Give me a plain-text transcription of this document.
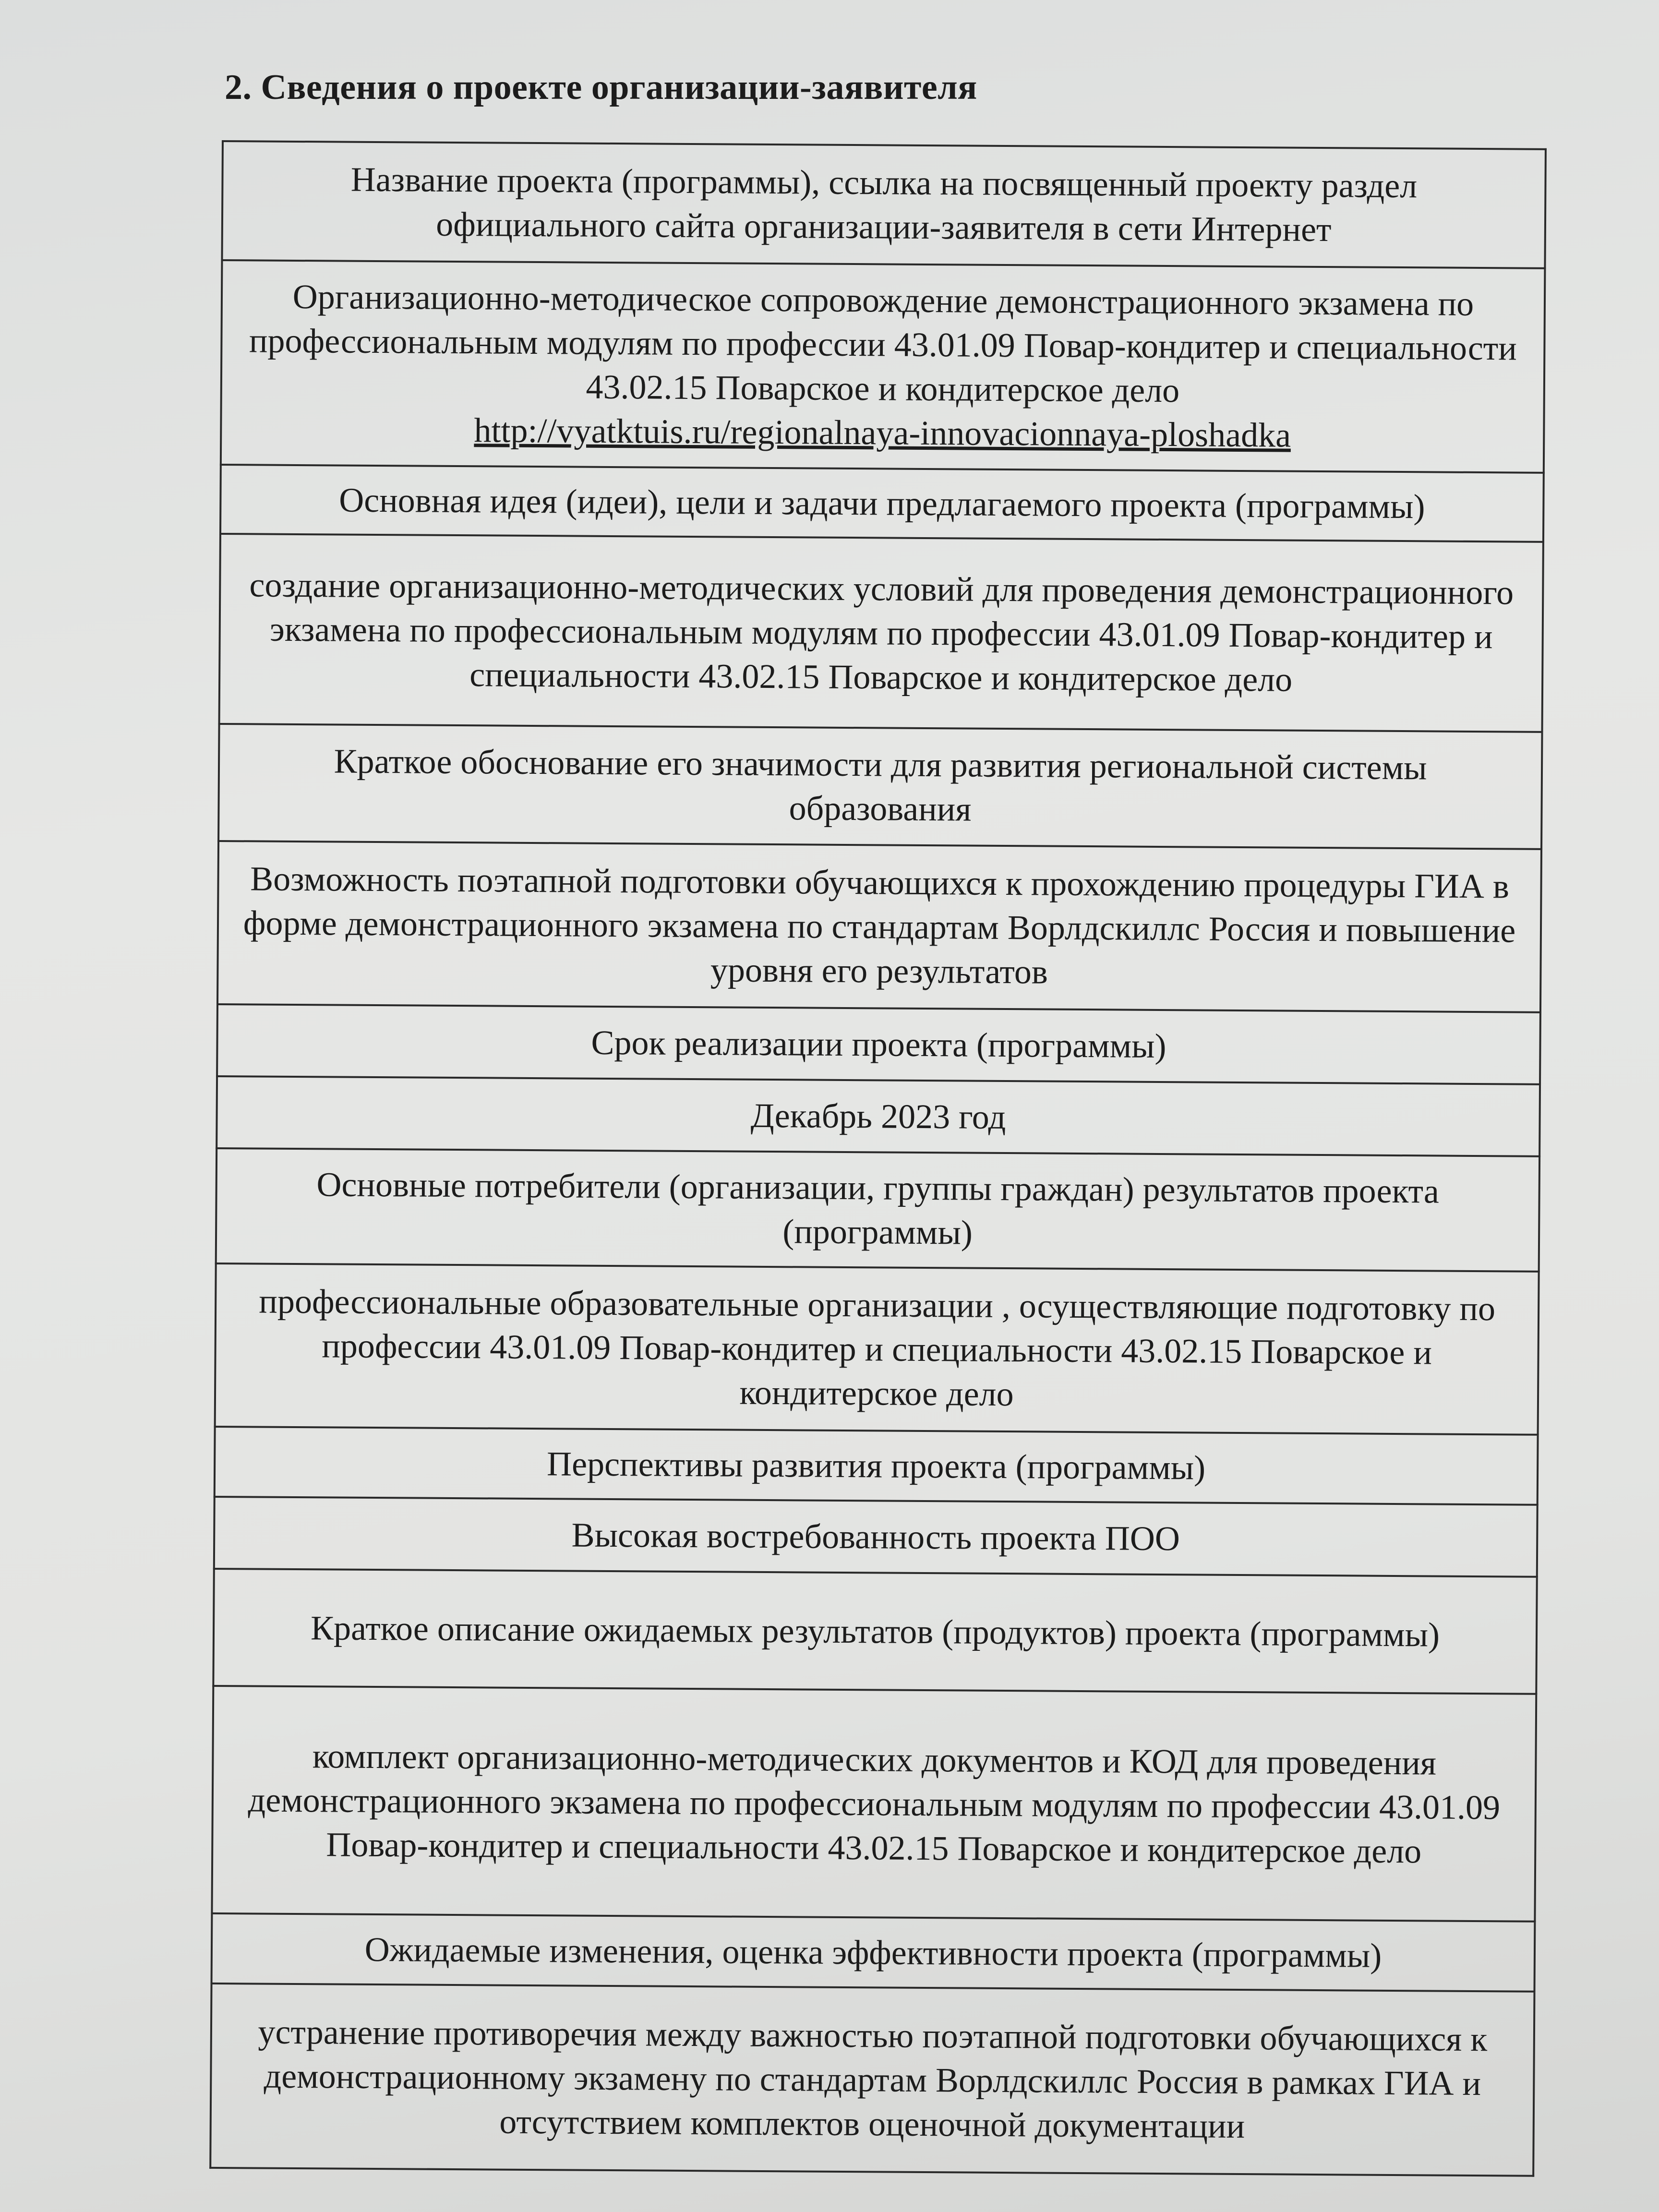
2. Сведения о проекте организации-заявителя
Название проекта (программы), ссылка на посвященный проекту раздел официального сайта организации-заявителя в сети Интернет
Организационно-методическое сопровождение демонстрационного экзамена по профессиональным модулям по профессии 43.01.09 Повар-кондитер и специальности 43.02.15 Поварское и кондитерское дело
http://vyatktuis.ru/regionalnaya-innovacionnaya-ploshadka
Основная идея (идеи), цели и задачи предлагаемого проекта (программы)
создание организационно-методических условий для проведения демонстрационного экзамена по профессиональным модулям по профессии 43.01.09 Повар-кондитер и специальности 43.02.15 Поварское и кондитерское дело
Краткое обоснование его значимости для развития региональной системы образования
Возможность поэтапной подготовки обучающихся к прохождению процедуры ГИА в форме демонстрационного экзамена по стандартам Ворлдскиллс Россия и повышение уровня его результатов
Срок реализации проекта (программы)
Декабрь 2023 год
Основные потребители (организации, группы граждан) результатов проекта (программы)
профессиональные образовательные организации , осуществляющие подготовку по профессии 43.01.09 Повар-кондитер и специальности 43.02.15 Поварское и кондитерское дело
Перспективы развития проекта (программы)
Высокая востребованность проекта ПОО
Краткое описание ожидаемых результатов (продуктов) проекта (программы)
комплект организационно-методических документов и КОД для проведения демонстрационного экзамена по профессиональным модулям по профессии 43.01.09 Повар-кондитер и специальности 43.02.15 Поварское и кондитерское дело
Ожидаемые изменения, оценка эффективности проекта (программы)
устранение противоречия между важностью поэтапной подготовки обучающихся к демонстрационному экзамену по стандартам Ворлдскиллс Россия в рамках ГИА и отсутствием комплектов оценочной документации
